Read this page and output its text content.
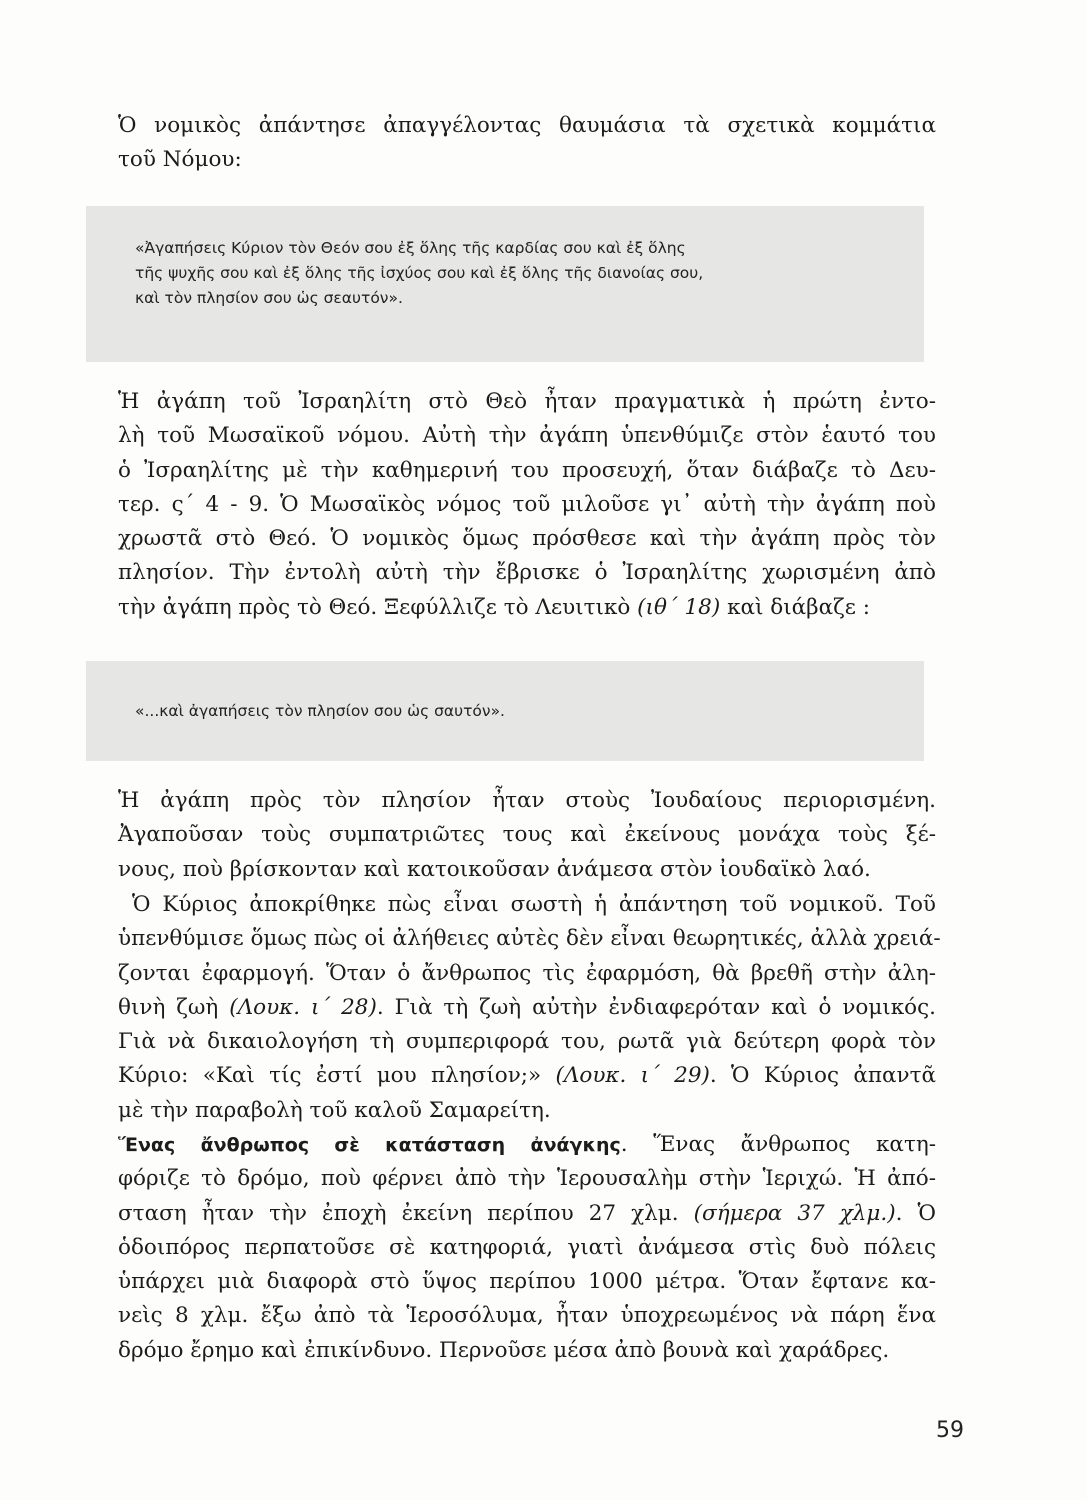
Ὁ νομικὸς ἀπάντησε ἀπαγγέλοντας θαυμάσια τὰ σχετικὰ κομμάτια
τοῦ Νόμου:

«Ἀγαπήσεις Κύριον τὸν Θεόν σου ἐξ ὅλης τῆς καρδίας σου καὶ ἐξ ὅλης
τῆς ψυχῆς σου καὶ ἐξ ὅλης τῆς ἰσχύος σου καὶ ἐξ ὅλης τῆς διανοίας σου,
καὶ τὸν πλησίον σου ὡς σεαυτόν».

Ἡ ἀγάπη τοῦ Ἰσραηλίτη στὸ Θεὸ ἦταν πραγματικὰ ἡ πρώτη ἐντο-
λὴ τοῦ Μωσαϊκοῦ νόμου. Αὐτὴ τὴν ἀγάπη ὑπενθύμιζε στὸν ἑαυτό του
ὁ Ἰσραηλίτης μὲ τὴν καθημερινή του προσευχή, ὅταν διάβαζε τὸ Δευ-
τερ. ς΄ 4 - 9. Ὁ Μωσαϊκὸς νόμος τοῦ μιλοῦσε γι᾽ αὐτὴ τὴν ἀγάπη ποὺ
χρωστᾶ στὸ Θεό. Ὁ νομικὸς ὅμως πρόσθεσε καὶ τὴν ἀγάπη πρὸς τὸν
πλησίον. Τὴν ἐντολὴ αὐτὴ τὴν ἔβρισκε ὁ Ἰσραηλίτης χωρισμένη ἀπὸ
τὴν ἀγάπη πρὸς τὸ Θεό. Ξεφύλλιζε τὸ Λευιτικὸ (ιθ΄ 18) καὶ διάβαζε :

«...καὶ ἀγαπήσεις τὸν πλησίον σου ὡς σαυτόν».

Ἡ ἀγάπη πρὸς τὸν πλησίον ἦταν στοὺς Ἰουδαίους περιορισμένη.
Ἀγαποῦσαν τοὺς συμπατριῶτες τους καὶ ἐκείνους μονάχα τοὺς ξέ-
νους, ποὺ βρίσκονταν καὶ κατοικοῦσαν ἀνάμεσα στὸν ἰουδαϊκὸ λαό.

Ὁ Κύριος ἀποκρίθηκε πὼς εἶναι σωστὴ ἡ ἀπάντηση τοῦ νομικοῦ. Τοῦ
ὑπενθύμισε ὅμως πὼς οἱ ἀλήθειες αὐτὲς δὲν εἶναι θεωρητικές, ἀλλὰ χρειά-
ζονται ἐφαρμογή. Ὅταν ὁ ἄνθρωπος τὶς ἐφαρμόση, θὰ βρεθῆ στὴν ἀλη-
θινὴ ζωὴ (Λουκ. ι΄ 28). Γιὰ τὴ ζωὴ αὐτὴν ἐνδιαφερόταν καὶ ὁ νομικός.
Γιὰ νὰ δικαιολογήση τὴ συμπεριφορά του, ρωτᾶ γιὰ δεύτερη φορὰ τὸν
Κύριο: «Καὶ τίς ἐστί μου πλησίον;» (Λουκ. ι΄ 29). Ὁ Κύριος ἀπαντᾶ
μὲ τὴν παραβολὴ τοῦ καλοῦ Σαμαρείτη.

Ἕνας ἄνθρωπος σὲ κατάσταση ἀνάγκης. Ἕνας ἄνθρωπος κατη-
φόριζε τὸ δρόμο, ποὺ φέρνει ἀπὸ τὴν Ἱερουσαλὴμ στὴν Ἱεριχώ. Ἡ ἀπό-
σταση ἦταν τὴν ἐποχὴ ἐκείνη περίπου 27 χλμ. (σήμερα 37 χλμ.). Ὁ
ὁδοιπόρος περπατοῦσε σὲ κατηφοριά, γιατὶ ἀνάμεσα στὶς δυὸ πόλεις
ὑπάρχει μιὰ διαφορὰ στὸ ὕψος περίπου 1000 μέτρα. Ὅταν ἔφτανε κα-
νεὶς 8 χλμ. ἔξω ἀπὸ τὰ Ἱεροσόλυμα, ἦταν ὑποχρεωμένος νὰ πάρη ἕνα
δρόμο ἔρημο καὶ ἐπικίνδυνο. Περνοῦσε μέσα ἀπὸ βουνὰ καὶ χαράδρες.

59
